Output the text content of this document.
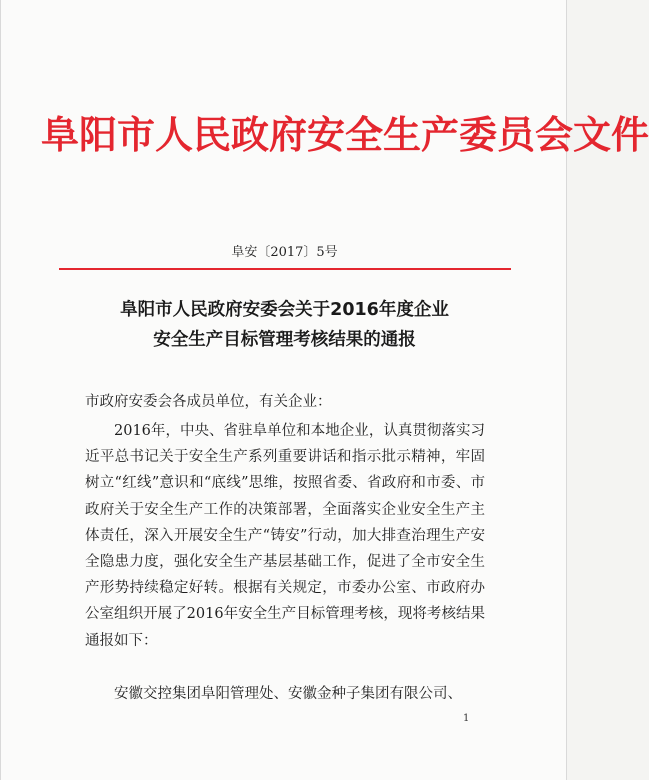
阜阳市人民政府安全生产委员会文件
阜安〔2017〕5号
阜阳市人民政府安委会关于2016年度企业
安全生产目标管理考核结果的通报
市政府安委会各成员单位，有关企业：
2016年，中央、省驻阜单位和本地企业，认真贯彻落实习近平总书记关于安全生产系列重要讲话和指示批示精神，牢固树立“红线”意识和“底线”思维，按照省委、省政府和市委、市政府关于安全生产工作的决策部署，全面落实企业安全生产主体责任，深入开展安全生产“铸安”行动，加大排查治理生产安全隐患力度，强化安全生产基层基础工作，促进了全市安全生产形势持续稳定好转。根据有关规定，市委办公室、市政府办公室组织开展了2016年安全生产目标管理考核，现将考核结果通报如下：
安徽交控集团阜阳管理处、安徽金种子集团有限公司、
1
